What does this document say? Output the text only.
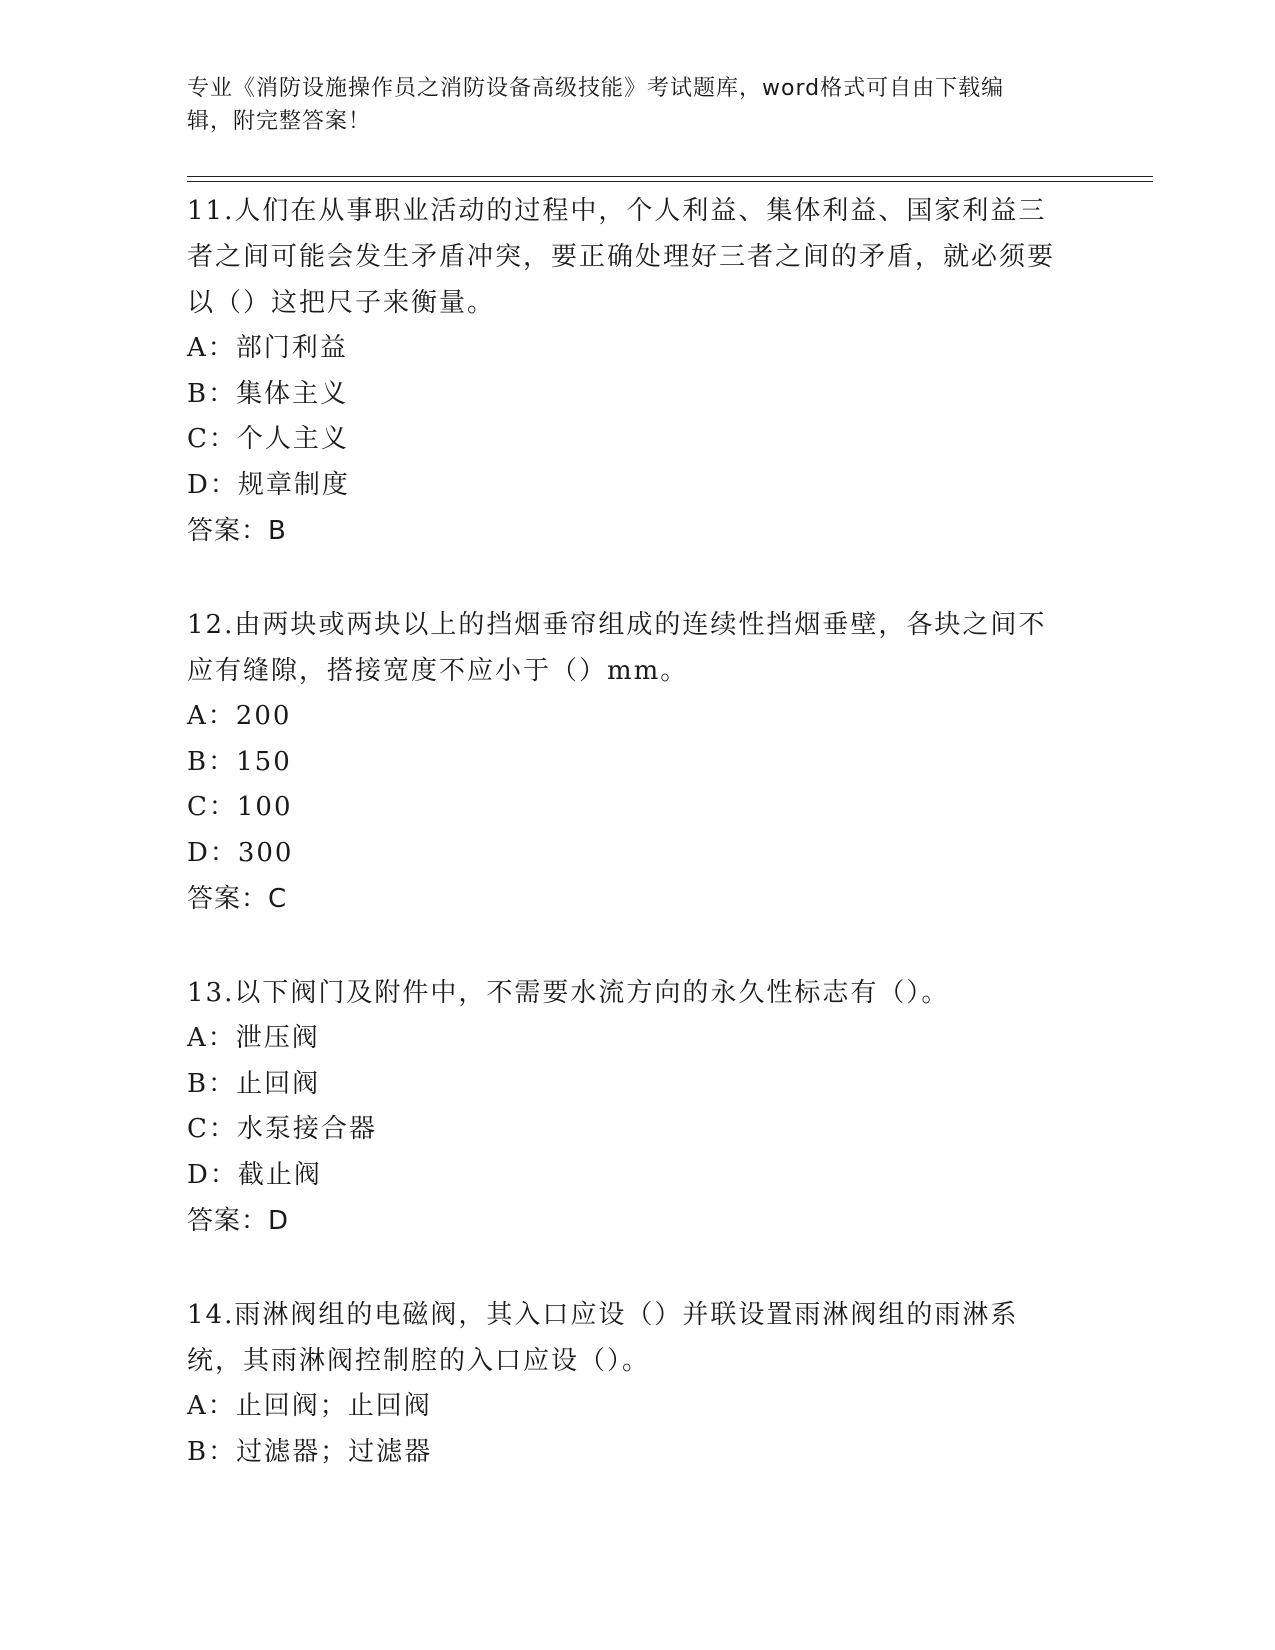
专业《消防设施操作员之消防设备高级技能》考试题库，word格式可自由下载编辑，附完整答案！

11.人们在从事职业活动的过程中，个人利益、集体利益、国家利益三者之间可能会发生矛盾冲突，要正确处理好三者之间的矛盾，就必须要以（）这把尺子来衡量。

A：部门利益

B：集体主义

C：个人主义

D：规章制度

答案：B

12.由两块或两块以上的挡烟垂帘组成的连续性挡烟垂壁，各块之间不应有缝隙，搭接宽度不应小于（）mm。

A：200

B：150

C：100

D：300

答案：C

13.以下阀门及附件中，不需要水流方向的永久性标志有（）。

A：泄压阀

B：止回阀

C：水泵接合器

D：截止阀

答案：D

14.雨淋阀组的电磁阀，其入口应设（）并联设置雨淋阀组的雨淋系统，其雨淋阀控制腔的入口应设（）。

A：止回阀；止回阀

B：过滤器；过滤器
